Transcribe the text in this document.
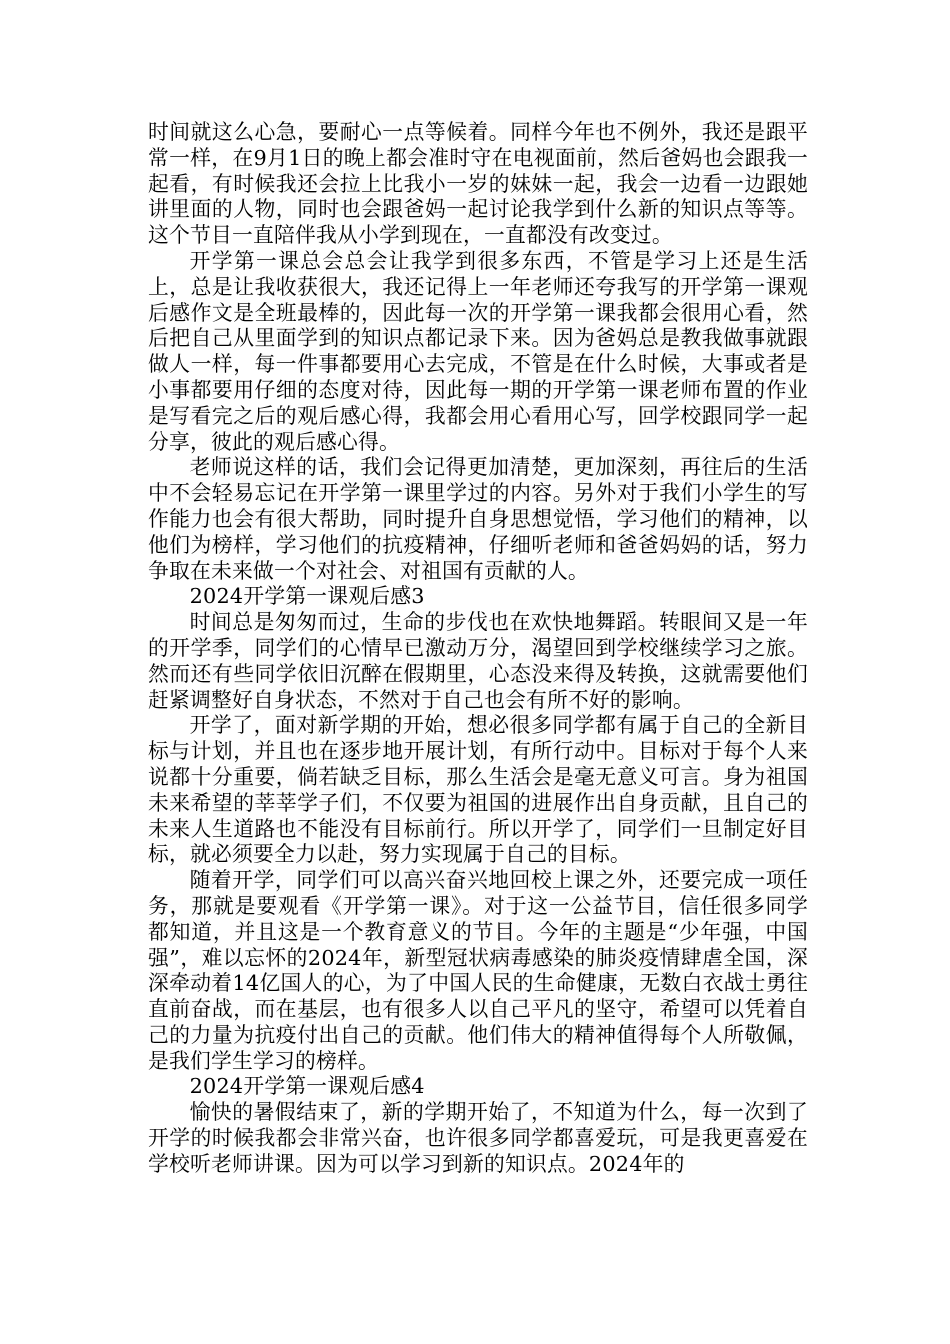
时间就这么心急，要耐心一点等候着。同样今年也不例外，我还是跟平常一样，在9月1日的晚上都会准时守在电视面前，然后爸妈也会跟我一起看，有时候我还会拉上比我小一岁的妹妹一起，我会一边看一边跟她讲里面的人物，同时也会跟爸妈一起讨论我学到什么新的知识点等等。这个节目一直陪伴我从小学到现在，一直都没有改变过。

开学第一课总会总会让我学到很多东西，不管是学习上还是生活上，总是让我收获很大，我还记得上一年老师还夸我写的开学第一课观后感作文是全班最棒的，因此每一次的开学第一课我都会很用心看，然后把自己从里面学到的知识点都记录下来。因为爸妈总是教我做事就跟做人一样，每一件事都要用心去完成，不管是在什么时候，大事或者是小事都要用仔细的态度对待，因此每一期的开学第一课老师布置的作业是写看完之后的观后感心得，我都会用心看用心写，回学校跟同学一起分享，彼此的观后感心得。

老师说这样的话，我们会记得更加清楚，更加深刻，再往后的生活中不会轻易忘记在开学第一课里学过的内容。另外对于我们小学生的写作能力也会有很大帮助，同时提升自身思想觉悟，学习他们的精神，以他们为榜样，学习他们的抗疫精神，仔细听老师和爸爸妈妈的话，努力争取在未来做一个对社会、对祖国有贡献的人。

2024开学第一课观后感3

时间总是匆匆而过，生命的步伐也在欢快地舞蹈。转眼间又是一年的开学季，同学们的心情早已激动万分，渴望回到学校继续学习之旅。然而还有些同学依旧沉醉在假期里，心态没来得及转换，这就需要他们赶紧调整好自身状态，不然对于自己也会有所不好的影响。

开学了，面对新学期的开始，想必很多同学都有属于自己的全新目标与计划，并且也在逐步地开展计划，有所行动中。目标对于每个人来说都十分重要，倘若缺乏目标，那么生活会是毫无意义可言。身为祖国未来希望的莘莘学子们，不仅要为祖国的进展作出自身贡献，且自己的未来人生道路也不能没有目标前行。所以开学了，同学们一旦制定好目标，就必须要全力以赴，努力实现属于自己的目标。

随着开学，同学们可以高兴奋兴地回校上课之外，还要完成一项任务，那就是要观看《开学第一课》。对于这一公益节目，信任很多同学都知道，并且这是一个教育意义的节目。今年的主题是“少年强，中国强”，难以忘怀的2024年，新型冠状病毒感染的肺炎疫情肆虐全国，深深牵动着14亿国人的心，为了中国人民的生命健康，无数白衣战士勇往直前奋战，而在基层，也有很多人以自己平凡的坚守，希望可以凭着自己的力量为抗疫付出自己的贡献。他们伟大的精神值得每个人所敬佩，是我们学生学习的榜样。

2024开学第一课观后感4

愉快的暑假结束了，新的学期开始了，不知道为什么，每一次到了开学的时候我都会非常兴奋，也许很多同学都喜爱玩，可是我更喜爱在学校听老师讲课。因为可以学习到新的知识点。2024年的
